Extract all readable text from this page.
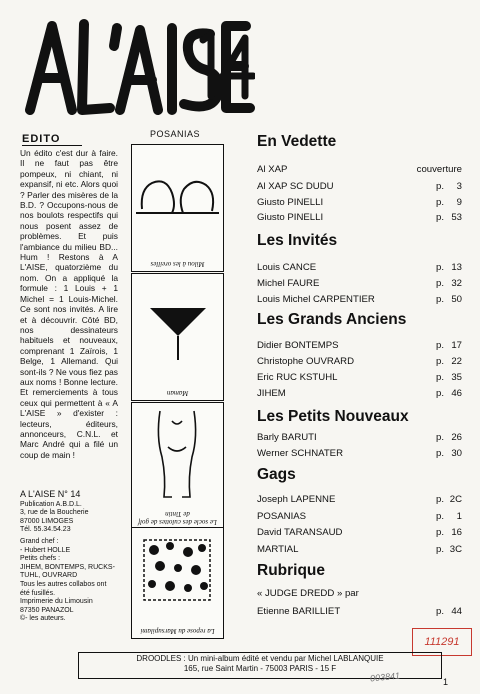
EDITO
Un édito c'est dur à faire. Il ne faut pas être pompeux, ni chiant, ni expansif, ni etc. Alors quoi ? Parler des misères de la B.D. ? Occupons-nous de nos boulots respectifs qui nous posent assez de problèmes. Et puis l'ambiance du milieu BD... Hum ! Restons à A L'AISE, quatorzième du nom. On a appliqué la formule : 1 Louis + 1 Michel = 1 Louis-Michel. Ce sont nos invités. A lire et à découvrir. Côté BD, nos dessinateurs habituels et nouveaux, comprenant 1 Zaïrois, 1 Belge, 1 Allemand. Qui sont-ils ? Ne vous fiez pas aux noms ! Bonne lecture. Et remerciements à tous ceux qui permettent à « A L'AISE » d'exister : lecteurs, éditeurs, annonceurs, C.N.L. et Marc André qui a filé un coup de main !
A L'AISE N° 14

Publication A.B.D.L.

3, rue de la Boucherie

87000 LIMOGES

Tél. 55.34.54.23

Grand chef :

- Hubert HOLLE

Petits chefs :

JIHEM, BONTEMPS, RUCKS-TUHL, OUVRARD

Tous les autres collabos ont été fusillés.

Imprimerie du Limousin

87350 PANAZOL

©- les auteurs.

POSANIAS
Milou à les oreilles
Maman
Le socle des culottes de golf de Tintin
La repose du Marsupilami
En Vedette
Al XAP	couverture
Al XAP SC DUDU	p. 3
Giusto PINELLI	p. 9
Giusto PINELLI	p. 53
Les Invités
Louis CANCE	p. 13
Michel FAURE	p. 32
Louis Michel CARPENTIER	p. 50
Les Grands Anciens
Didier BONTEMPS	p. 17
Christophe OUVRARD	p. 22
Eric RUC KSTUHL	p. 35
JIHEM	p. 46
Les Petits Nouveaux
Barly BARUTI	p. 26
Werner SCHNATER	p. 30
Gags
Joseph LAPENNE	p. 2C
POSANIAS	p. 1
David TARANSAUD	p. 16
MARTIAL	p. 3C
Rubrique
« JUDGE DREDD » par
Etienne BARILLIET	p. 44
111291
DROODLES : Un mini-album édité et vendu par Michel LABLANQUIE
165, rue Saint Martin - 75003 PARIS - 15 F
003841	1
